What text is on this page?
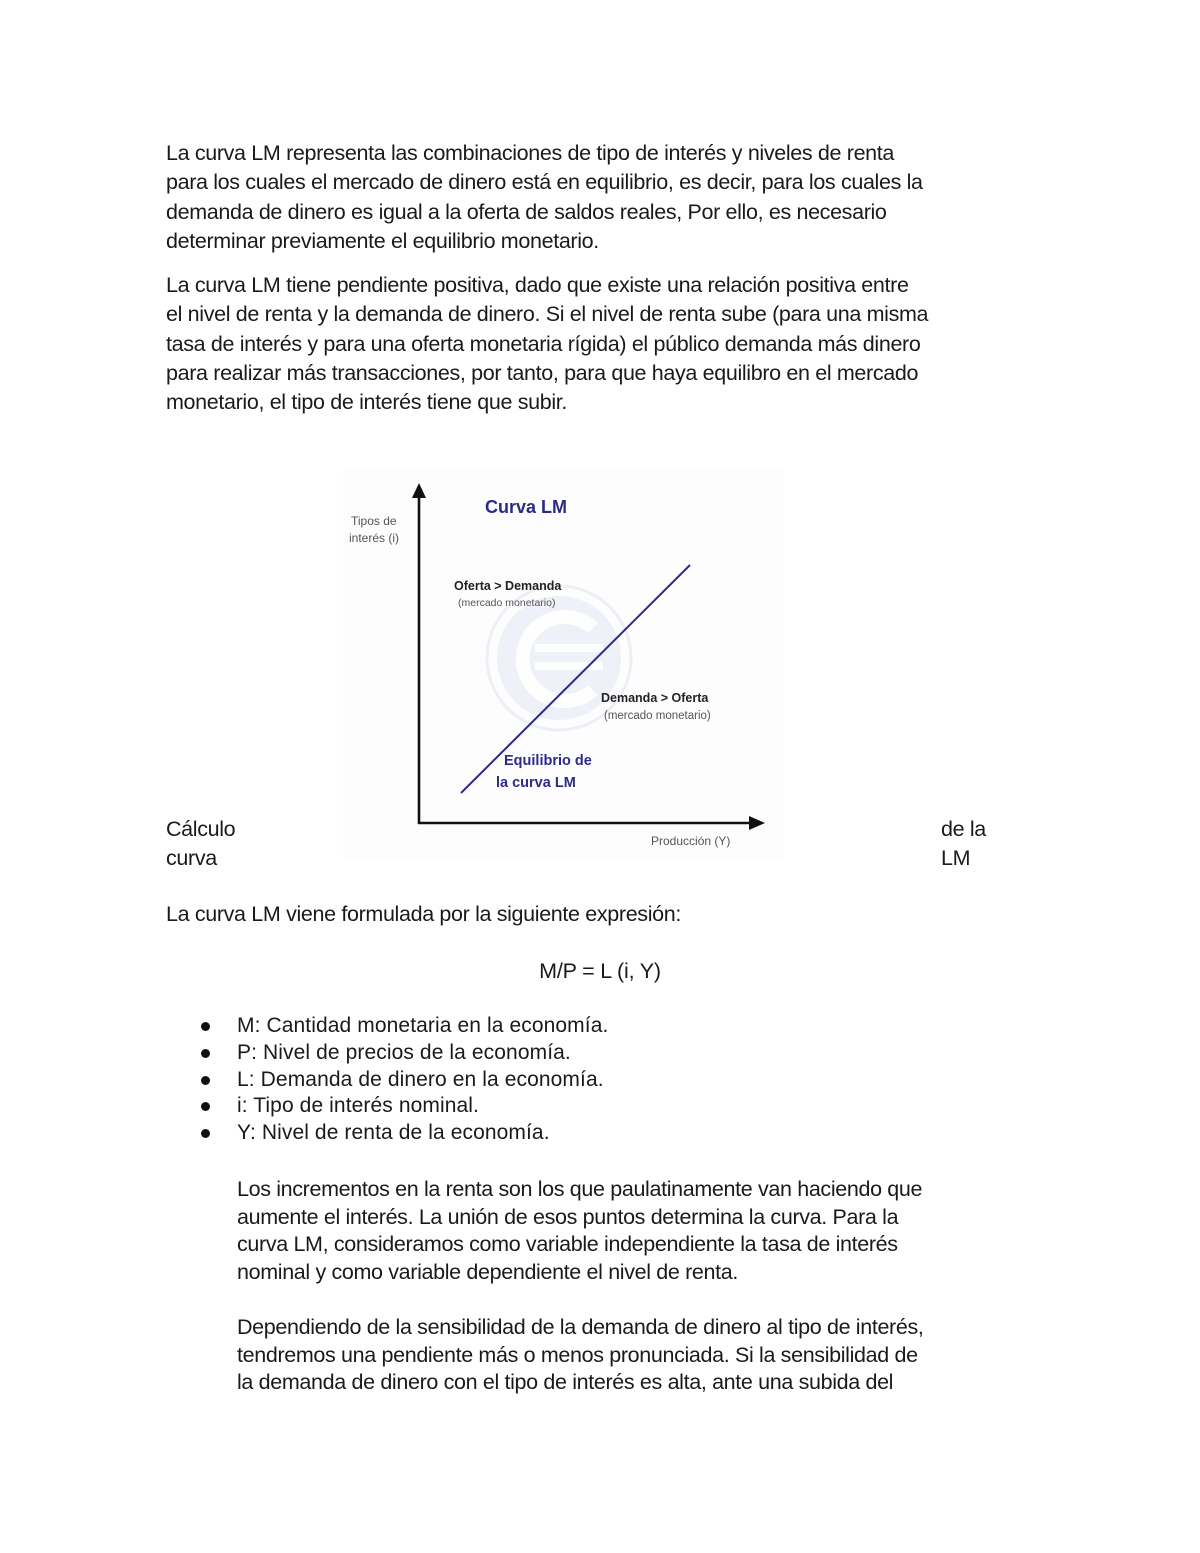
La curva LM representa las combinaciones de tipo de interés y niveles de renta
para los cuales el mercado de dinero está en equilibrio, es decir, para los cuales la
demanda de dinero es igual a la oferta de saldos reales, Por ello, es necesario
determinar previamente el equilibrio monetario.

La curva LM tiene pendiente positiva, dado que existe una relación positiva entre
el nivel de renta y la demanda de dinero. Si el nivel de renta sube (para una misma
tasa de interés y para una oferta monetaria rígida) el público demanda más dinero
para realizar más transacciones, por tanto, para que haya equilibro en el mercado
monetario, el tipo de interés tiene que subir.

Tipos de
interés (i)
Curva LM
Oferta > Demanda
(mercado monetario)
Demanda > Oferta
(mercado monetario)
Equilibrio de
la curva LM
Producción (Y)
Cálculo
curva
de la
LM
La curva LM viene formulada por la siguiente expresión:
M/P = L (i, Y)
M: Cantidad monetaria en la economía.
P: Nivel de precios de la economía.
L: Demanda de dinero en la economía.
i: Tipo de interés nominal.
Y: Nivel de renta de la economía.

Los incrementos en la renta son los que paulatinamente van haciendo que
aumente el interés. La unión de esos puntos determina la curva. Para la
curva LM, consideramos como variable independiente la tasa de interés
nominal y como variable dependiente el nivel de renta.

Dependiendo de la sensibilidad de la demanda de dinero al tipo de interés,
tendremos una pendiente más o menos pronunciada. Si la sensibilidad de
la demanda de dinero con el tipo de interés es alta, ante una subida del
